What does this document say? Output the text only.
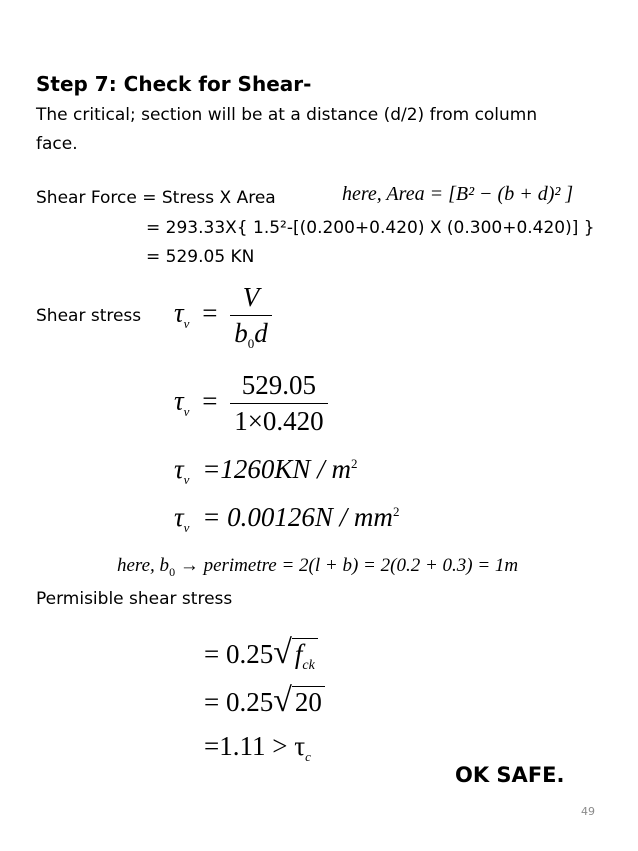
Step 7: Check for Shear-
The critical; section will be at a distance (d/2) from column
face.
Shear Force = Stress X Area	here, Area = [B² − (b + d)² ]
= 293.33X{ 1.5²-[(0.200+0.420) X (0.300+0.420)] }
= 529.05 KN
Shear stress $\tau_v = \frac{V}{b_0d}$
$\tau_v = \frac{529.05}{1\times 0.420}$
$\tau_v =1260KN / m^2$
$\tau_v = 0.00126N / mm^2$
here, $b_0$ → perimetre = 2(l + b) = 2(0.2 + 0.3) = 1m
Permisible shear stress
= 0.25 √ $f_{ck}$
= 0.25 √ 20
$=1.11 > \tau_c$
OK SAFE.
49
